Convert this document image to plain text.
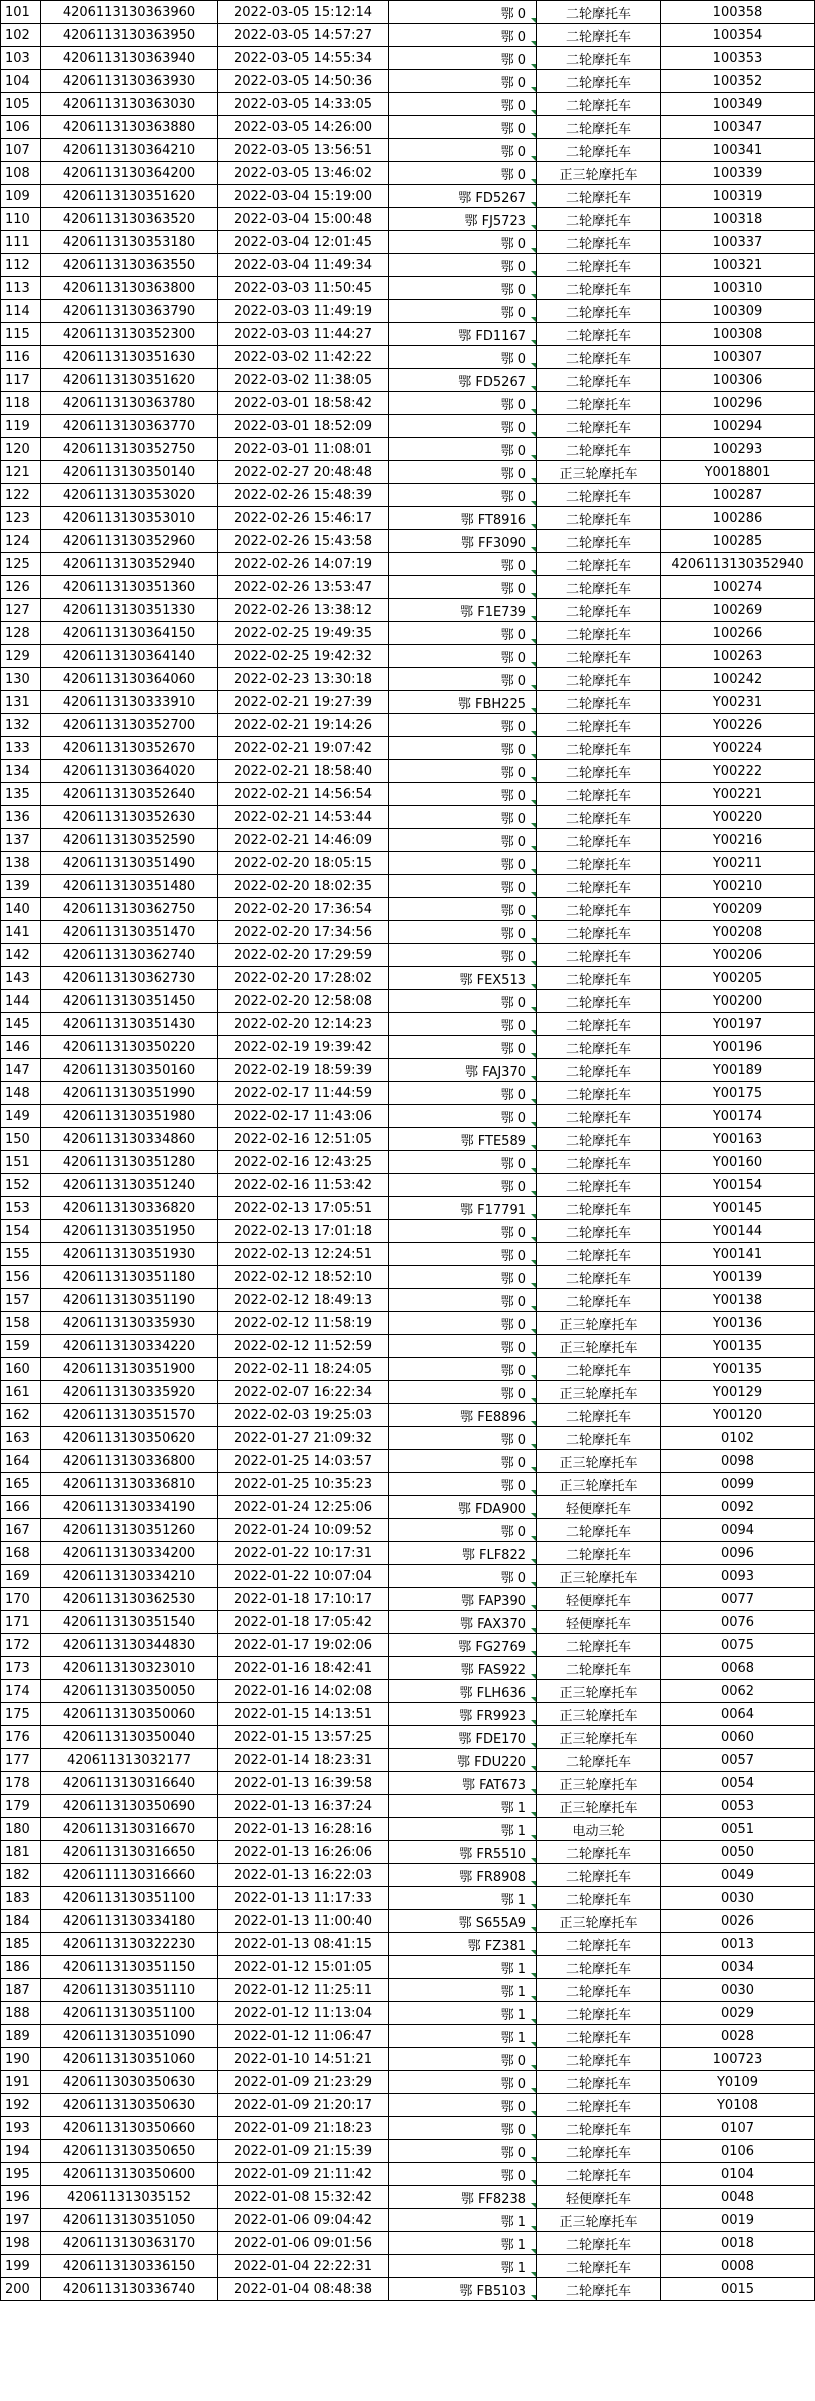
101	4206113130363960	2022-03-05 15:12:14	鄂 0	二轮摩托车	100358
102	4206113130363950	2022-03-05 14:57:27	鄂 0	二轮摩托车	100354
103	4206113130363940	2022-03-05 14:55:34	鄂 0	二轮摩托车	100353
104	4206113130363930	2022-03-05 14:50:36	鄂 0	二轮摩托车	100352
105	4206113130363030	2022-03-05 14:33:05	鄂 0	二轮摩托车	100349
106	4206113130363880	2022-03-05 14:26:00	鄂 0	二轮摩托车	100347
107	4206113130364210	2022-03-05 13:56:51	鄂 0	二轮摩托车	100341
108	4206113130364200	2022-03-05 13:46:02	鄂 0	正三轮摩托车	100339
109	4206113130351620	2022-03-04 15:19:00	鄂 FD5267	二轮摩托车	100319
110	4206113130363520	2022-03-04 15:00:48	鄂 FJ5723	二轮摩托车	100318
111	4206113130353180	2022-03-04 12:01:45	鄂 0	二轮摩托车	100337
112	4206113130363550	2022-03-04 11:49:34	鄂 0	二轮摩托车	100321
113	4206113130363800	2022-03-03 11:50:45	鄂 0	二轮摩托车	100310
114	4206113130363790	2022-03-03 11:49:19	鄂 0	二轮摩托车	100309
115	4206113130352300	2022-03-03 11:44:27	鄂 FD1167	二轮摩托车	100308
116	4206113130351630	2022-03-02 11:42:22	鄂 0	二轮摩托车	100307
117	4206113130351620	2022-03-02 11:38:05	鄂 FD5267	二轮摩托车	100306
118	4206113130363780	2022-03-01 18:58:42	鄂 0	二轮摩托车	100296
119	4206113130363770	2022-03-01 18:52:09	鄂 0	二轮摩托车	100294
120	4206113130352750	2022-03-01 11:08:01	鄂 0	二轮摩托车	100293
121	4206113130350140	2022-02-27 20:48:48	鄂 0	正三轮摩托车	Y0018801
122	4206113130353020	2022-02-26 15:48:39	鄂 0	二轮摩托车	100287
123	4206113130353010	2022-02-26 15:46:17	鄂 FT8916	二轮摩托车	100286
124	4206113130352960	2022-02-26 15:43:58	鄂 FF3090	二轮摩托车	100285
125	4206113130352940	2022-02-26 14:07:19	鄂 0	二轮摩托车	4206113130352940
126	4206113130351360	2022-02-26 13:53:47	鄂 0	二轮摩托车	100274
127	4206113130351330	2022-02-26 13:38:12	鄂 F1E739	二轮摩托车	100269
128	4206113130364150	2022-02-25 19:49:35	鄂 0	二轮摩托车	100266
129	4206113130364140	2022-02-25 19:42:32	鄂 0	二轮摩托车	100263
130	4206113130364060	2022-02-23 13:30:18	鄂 0	二轮摩托车	100242
131	4206113130333910	2022-02-21 19:27:39	鄂 FBH225	二轮摩托车	Y00231
132	4206113130352700	2022-02-21 19:14:26	鄂 0	二轮摩托车	Y00226
133	4206113130352670	2022-02-21 19:07:42	鄂 0	二轮摩托车	Y00224
134	4206113130364020	2022-02-21 18:58:40	鄂 0	二轮摩托车	Y00222
135	4206113130352640	2022-02-21 14:56:54	鄂 0	二轮摩托车	Y00221
136	4206113130352630	2022-02-21 14:53:44	鄂 0	二轮摩托车	Y00220
137	4206113130352590	2022-02-21 14:46:09	鄂 0	二轮摩托车	Y00216
138	4206113130351490	2022-02-20 18:05:15	鄂 0	二轮摩托车	Y00211
139	4206113130351480	2022-02-20 18:02:35	鄂 0	二轮摩托车	Y00210
140	4206113130362750	2022-02-20 17:36:54	鄂 0	二轮摩托车	Y00209
141	4206113130351470	2022-02-20 17:34:56	鄂 0	二轮摩托车	Y00208
142	4206113130362740	2022-02-20 17:29:59	鄂 0	二轮摩托车	Y00206
143	4206113130362730	2022-02-20 17:28:02	鄂 FEX513	二轮摩托车	Y00205
144	4206113130351450	2022-02-20 12:58:08	鄂 0	二轮摩托车	Y00200
145	4206113130351430	2022-02-20 12:14:23	鄂 0	二轮摩托车	Y00197
146	4206113130350220	2022-02-19 19:39:42	鄂 0	二轮摩托车	Y00196
147	4206113130350160	2022-02-19 18:59:39	鄂 FAJ370	二轮摩托车	Y00189
148	4206113130351990	2022-02-17 11:44:59	鄂 0	二轮摩托车	Y00175
149	4206113130351980	2022-02-17 11:43:06	鄂 0	二轮摩托车	Y00174
150	4206113130334860	2022-02-16 12:51:05	鄂 FTE589	二轮摩托车	Y00163
151	4206113130351280	2022-02-16 12:43:25	鄂 0	二轮摩托车	Y00160
152	4206113130351240	2022-02-16 11:53:42	鄂 0	二轮摩托车	Y00154
153	4206113130336820	2022-02-13 17:05:51	鄂 F17791	二轮摩托车	Y00145
154	4206113130351950	2022-02-13 17:01:18	鄂 0	二轮摩托车	Y00144
155	4206113130351930	2022-02-13 12:24:51	鄂 0	二轮摩托车	Y00141
156	4206113130351180	2022-02-12 18:52:10	鄂 0	二轮摩托车	Y00139
157	4206113130351190	2022-02-12 18:49:13	鄂 0	二轮摩托车	Y00138
158	4206113130335930	2022-02-12 11:58:19	鄂 0	正三轮摩托车	Y00136
159	4206113130334220	2022-02-12 11:52:59	鄂 0	正三轮摩托车	Y00135
160	4206113130351900	2022-02-11 18:24:05	鄂 0	二轮摩托车	Y00135
161	4206113130335920	2022-02-07 16:22:34	鄂 0	正三轮摩托车	Y00129
162	4206113130351570	2022-02-03 19:25:03	鄂 FE8896	二轮摩托车	Y00120
163	4206113130350620	2022-01-27 21:09:32	鄂 0	二轮摩托车	0102
164	4206113130336800	2022-01-25 14:03:57	鄂 0	正三轮摩托车	0098
165	4206113130336810	2022-01-25 10:35:23	鄂 0	正三轮摩托车	0099
166	4206113130334190	2022-01-24 12:25:06	鄂 FDA900	轻便摩托车	0092
167	4206113130351260	2022-01-24 10:09:52	鄂 0	二轮摩托车	0094
168	4206113130334200	2022-01-22 10:17:31	鄂 FLF822	二轮摩托车	0096
169	4206113130334210	2022-01-22 10:07:04	鄂 0	正三轮摩托车	0093
170	4206113130362530	2022-01-18 17:10:17	鄂 FAP390	轻便摩托车	0077
171	4206113130351540	2022-01-18 17:05:42	鄂 FAX370	轻便摩托车	0076
172	4206113130344830	2022-01-17 19:02:06	鄂 FG2769	二轮摩托车	0075
173	4206113130323010	2022-01-16 18:42:41	鄂 FAS922	二轮摩托车	0068
174	4206113130350050	2022-01-16 14:02:08	鄂 FLH636	正三轮摩托车	0062
175	4206113130350060	2022-01-15 14:13:51	鄂 FR9923	正三轮摩托车	0064
176	4206113130350040	2022-01-15 13:57:25	鄂 FDE170	正三轮摩托车	0060
177	420611313032177	2022-01-14 18:23:31	鄂 FDU220	二轮摩托车	0057
178	4206113130316640	2022-01-13 16:39:58	鄂 FAT673	正三轮摩托车	0054
179	4206113130350690	2022-01-13 16:37:24	鄂 1	正三轮摩托车	0053
180	4206113130316670	2022-01-13 16:28:16	鄂 1	电动三轮	0051
181	4206113130316650	2022-01-13 16:26:06	鄂 FR5510	二轮摩托车	0050
182	4206111130316660	2022-01-13 16:22:03	鄂 FR8908	二轮摩托车	0049
183	4206113130351100	2022-01-13 11:17:33	鄂 1	二轮摩托车	0030
184	4206113130334180	2022-01-13 11:00:40	鄂 S655A9	正三轮摩托车	0026
185	4206113130322230	2022-01-13 08:41:15	鄂 FZ381	二轮摩托车	0013
186	4206113130351150	2022-01-12 15:01:05	鄂 1	二轮摩托车	0034
187	4206113130351110	2022-01-12 11:25:11	鄂 1	二轮摩托车	0030
188	4206113130351100	2022-01-12 11:13:04	鄂 1	二轮摩托车	0029
189	4206113130351090	2022-01-12 11:06:47	鄂 1	二轮摩托车	0028
190	4206113130351060	2022-01-10 14:51:21	鄂 0	二轮摩托车	100723
191	4206113030350630	2022-01-09 21:23:29	鄂 0	二轮摩托车	Y0109
192	4206113130350630	2022-01-09 21:20:17	鄂 0	二轮摩托车	Y0108
193	4206113130350660	2022-01-09 21:18:23	鄂 0	二轮摩托车	0107
194	4206113130350650	2022-01-09 21:15:39	鄂 0	二轮摩托车	0106
195	4206113130350600	2022-01-09 21:11:42	鄂 0	二轮摩托车	0104
196	420611313035152	2022-01-08 15:32:42	鄂 FF8238	轻便摩托车	0048
197	4206113130351050	2022-01-06 09:04:42	鄂 1	正三轮摩托车	0019
198	4206113130363170	2022-01-06 09:01:56	鄂 1	二轮摩托车	0018
199	4206113130336150	2022-01-04 22:22:31	鄂 1	二轮摩托车	0008
200	4206113130336740	2022-01-04 08:48:38	鄂 FB5103	二轮摩托车	0015
